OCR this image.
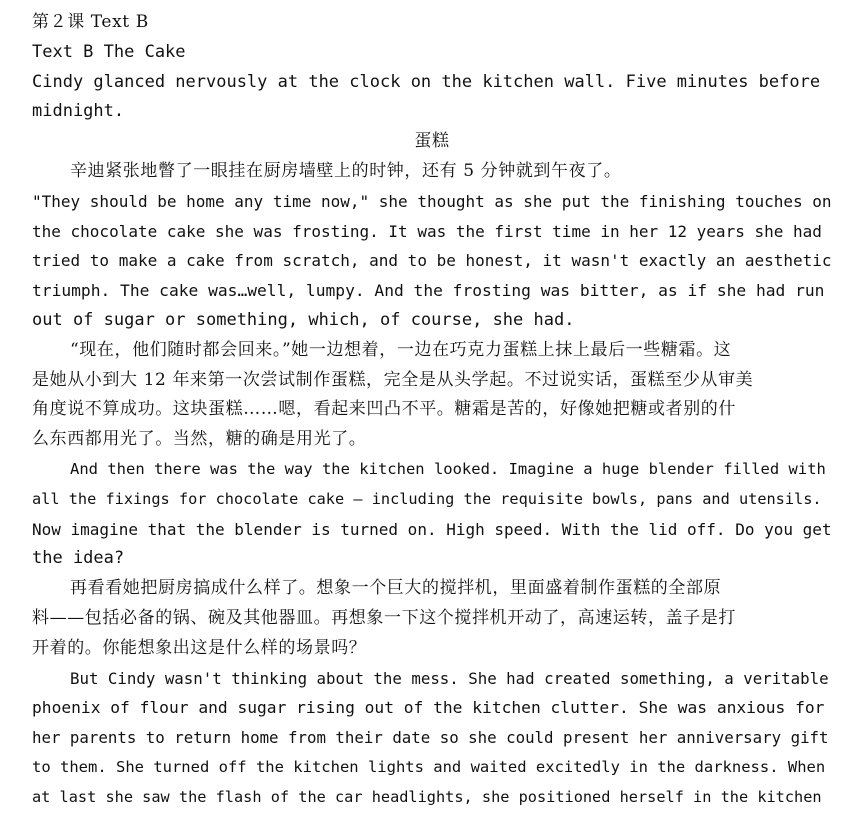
第２课 Text B
Text B The Cake
Cindy glanced nervously at the clock on the kitchen wall. Five minutes before
midnight.
蛋糕
辛迪紧张地瞥了一眼挂在厨房墙壁上的时钟，还有 5 分钟就到午夜了。
"They should be home any time now," she thought as she put the finishing touches on
the chocolate cake she was frosting. It was the first time in her 12 years she had
tried to make a cake from scratch, and to be honest, it wasn't exactly an aesthetic
triumph. The cake was…well, lumpy. And the frosting was bitter, as if she had run
out of sugar or something, which, of course, she had.
“现在，他们随时都会回来。”她一边想着，一边在巧克力蛋糕上抹上最后一些糖霜。这
是她从小到大 12 年来第一次尝试制作蛋糕，完全是从头学起。不过说实话，蛋糕至少从审美
角度说不算成功。这块蛋糕……嗯，看起来凹凸不平。糖霜是苦的，好像她把糖或者别的什
么东西都用光了。当然，糖的确是用光了。
And then there was the way the kitchen looked. Imagine a huge blender filled with
all the fixings for chocolate cake — including the requisite bowls, pans and utensils.
Now imagine that the blender is turned on. High speed. With the lid off. Do you get
the idea?
再看看她把厨房搞成什么样了。想象一个巨大的搅拌机，里面盛着制作蛋糕的全部原
料——包括必备的锅、碗及其他器皿。再想象一下这个搅拌机开动了，高速运转，盖子是打
开着的。你能想象出这是什么样的场景吗？
But Cindy wasn't thinking about the mess. She had created something, a veritable
phoenix of flour and sugar rising out of the kitchen clutter. She was anxious for
her parents to return home from their date so she could present her anniversary gift
to them. She turned off the kitchen lights and waited excitedly in the darkness. When
at last she saw the flash of the car headlights, she positioned herself in the kitchen
